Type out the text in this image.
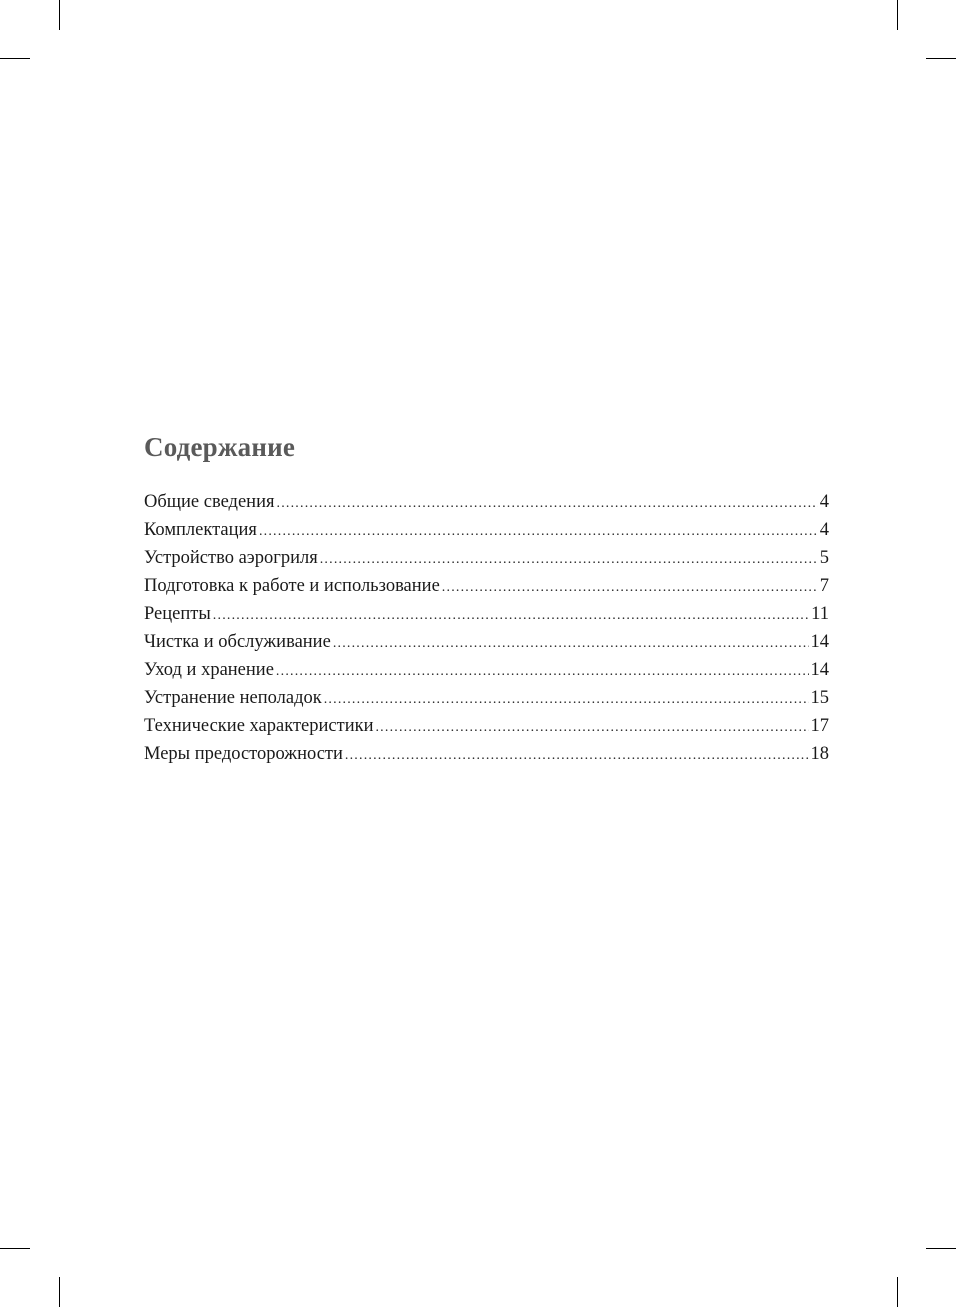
Содержание
Общие сведения .....	4
Комплектация .....	4
Устройство аэрогриля .....	5
Подготовка к работе и использование .....	7
Рецепты .....	11
Чистка и обслуживание .....	14
Уход и хранение .....	14
Устранение неполадок .....	15
Технические характеристики .....	17
Меры предосторожности .....	18
